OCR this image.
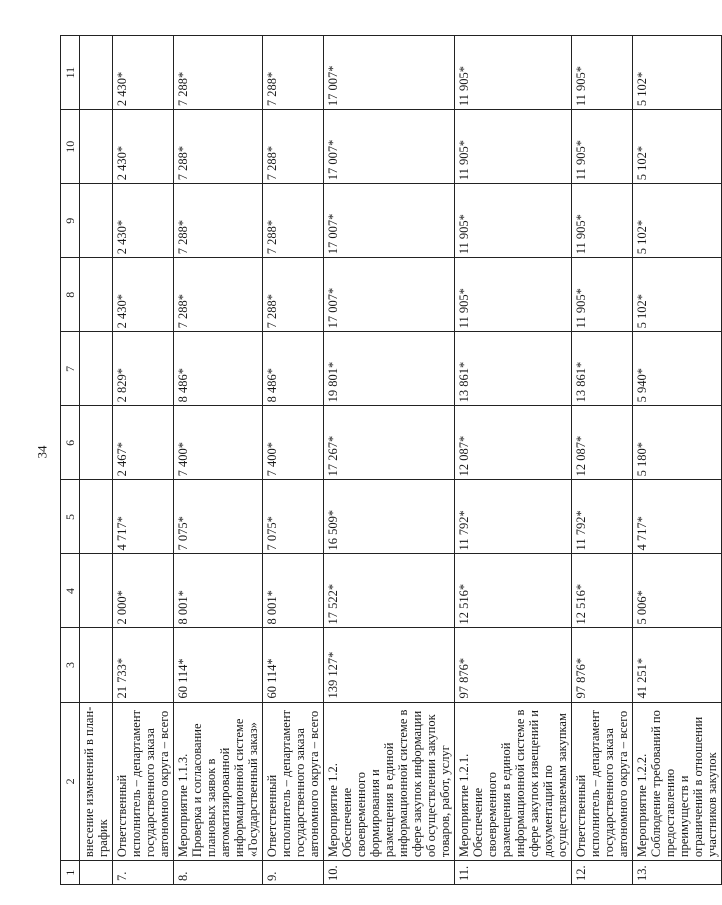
34
1	2	3	4	5	6	7	8	9	10	11
	внесение изменений в план-график									
7.	Ответственный исполнитель – департамент государственного заказа автономного округа – всего	21 733*	2 000*	4 717*	2 467*	2 829*	2 430*	2 430*	2 430*	2 430*
8.	Мероприятие 1.1.3. Проверка и согласование плановых заявок в автоматизированной информационной системе «Государственный заказ»	60 114*	8 001*	7 075*	7 400*	8 486*	7 288*	7 288*	7 288*	7 288*
9.	Ответственный исполнитель – департамент государственного заказа автономного округа – всего	60 114*	8 001*	7 075*	7 400*	8 486*	7 288*	7 288*	7 288*	7 288*
10.	Мероприятие 1.2. Обеспечение своевременного формирования и размещения в единой информационной системе в сфере закупок информации об осуществлении закупок товаров, работ, услуг	139 127*	17 522*	16 509*	17 267*	19 801*	17 007*	17 007*	17 007*	17 007*
11.	Мероприятие 1.2.1. Обеспечение своевременного размещения в единой информационной системе в сфере закупок извещений и документаций по осуществляемым закупкам	97 876*	12 516*	11 792*	12 087*	13 861*	11 905*	11 905*	11 905*	11 905*
12.	Ответственный исполнитель – департамент государственного заказа автономного округа – всего	97 876*	12 516*	11 792*	12 087*	13 861*	11 905*	11 905*	11 905*	11 905*
13.	Мероприятие 1.2.2. Соблюдение требований по предоставлению преимуществ и ограничений в отношении участников закупок	41 251*	5 006*	4 717*	5 180*	5 940*	5 102*	5 102*	5 102*	5 102*
